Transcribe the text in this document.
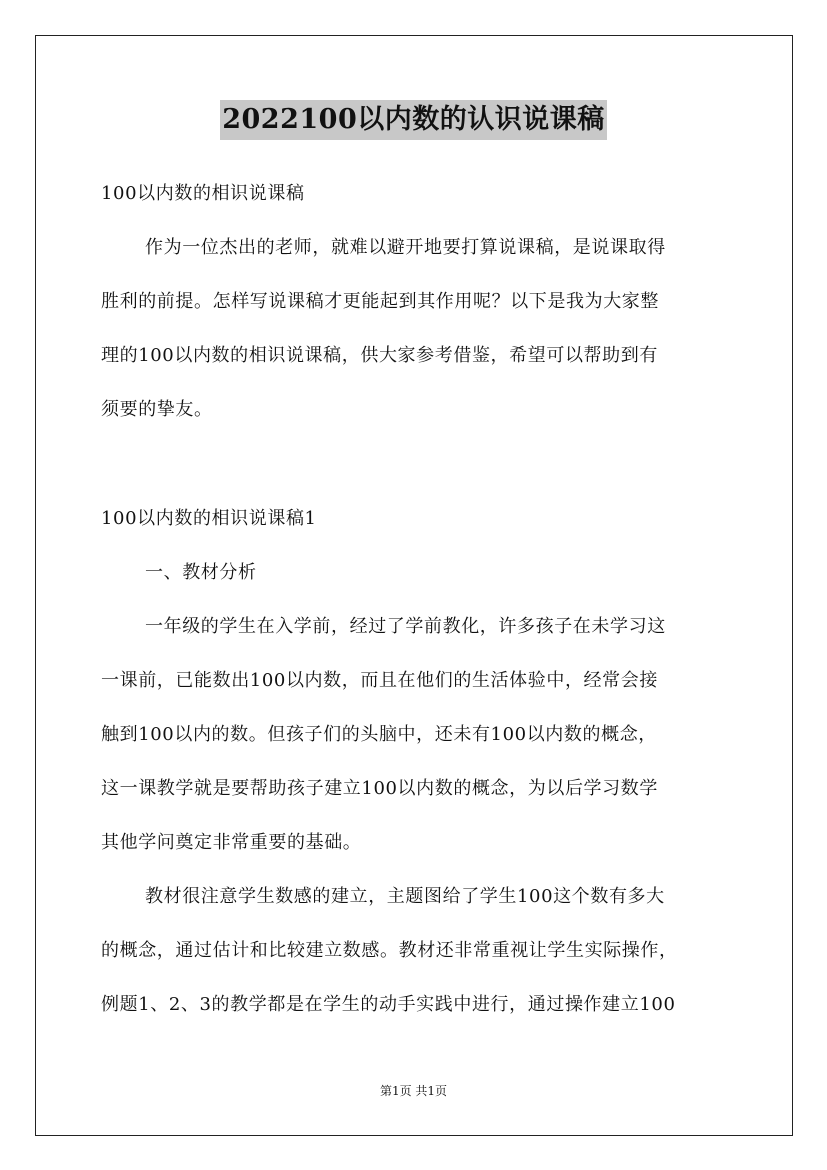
2022100以内数的认识说课稿
100以内数的相识说课稿
作为一位杰出的老师，就难以避开地要打算说课稿，是说课取得
胜利的前提。怎样写说课稿才更能起到其作用呢？以下是我为大家整
理的100以内数的相识说课稿，供大家参考借鉴，希望可以帮助到有
须要的挚友。
100以内数的相识说课稿1
一、教材分析
一年级的学生在入学前，经过了学前教化，许多孩子在未学习这
一课前，已能数出100以内数，而且在他们的生活体验中，经常会接
触到100以内的数。但孩子们的头脑中，还未有100以内数的概念，
这一课教学就是要帮助孩子建立100以内数的概念，为以后学习数学
其他学问奠定非常重要的基础。
教材很注意学生数感的建立，主题图给了学生100这个数有多大
的概念，通过估计和比较建立数感。教材还非常重视让学生实际操作，
例题1、2、3的教学都是在学生的动手实践中进行，通过操作建立100
第1页 共1页
